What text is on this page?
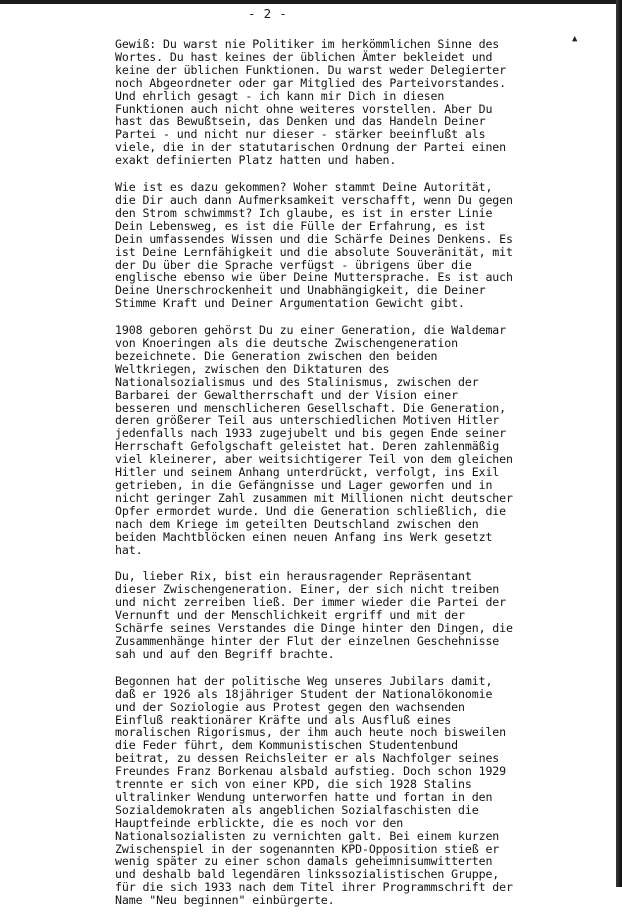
- 2 -
▲
Gewiß: Du warst nie Politiker im herkömmlichen Sinne des
Wortes. Du hast keines der üblichen Ämter bekleidet und
keine der üblichen Funktionen. Du warst weder Delegierter
noch Abgeordneter oder gar Mitglied des Parteivorstandes.
Und ehrlich gesagt - ich kann mir Dich in diesen
Funktionen auch nicht ohne weiteres vorstellen. Aber Du
hast das Bewußtsein, das Denken und das Handeln Deiner
Partei - und nicht nur dieser - stärker beeinflußt als
viele, die in der statutarischen Ordnung der Partei einen
exakt definierten Platz hatten und haben.
Wie ist es dazu gekommen? Woher stammt Deine Autorität,
die Dir auch dann Aufmerksamkeit verschafft, wenn Du gegen
den Strom schwimmst? Ich glaube, es ist in erster Linie
Dein Lebensweg, es ist die Fülle der Erfahrung, es ist
Dein umfassendes Wissen und die Schärfe Deines Denkens. Es
ist Deine Lernfähigkeit und die absolute Souveränität, mit
der Du über die Sprache verfügst - übrigens über die
englische ebenso wie über Deine Muttersprache. Es ist auch
Deine Unerschrockenheit und Unabhängigkeit, die Deiner
Stimme Kraft und Deiner Argumentation Gewicht gibt.
1908 geboren gehörst Du zu einer Generation, die Waldemar
von Knoeringen als die deutsche Zwischengeneration
bezeichnete. Die Generation zwischen den beiden
Weltkriegen, zwischen den Diktaturen des
Nationalsozialismus und des Stalinismus, zwischen der
Barbarei der Gewaltherrschaft und der Vision einer
besseren und menschlicheren Gesellschaft. Die Generation,
deren größerer Teil aus unterschiedlichen Motiven Hitler
jedenfalls nach 1933 zugejubelt und bis gegen Ende seiner
Herrschaft Gefolgschaft geleistet hat. Deren zahlenmäßig
viel kleinerer, aber weitsichtigerer Teil von dem gleichen
Hitler und seinem Anhang unterdrückt, verfolgt, ins Exil
getrieben, in die Gefängnisse und Lager geworfen und in
nicht geringer Zahl zusammen mit Millionen nicht deutscher
Opfer ermordet wurde. Und die Generation schließlich, die
nach dem Kriege im geteilten Deutschland zwischen den
beiden Machtblöcken einen neuen Anfang ins Werk gesetzt
hat.
Du, lieber Rix, bist ein herausragender Repräsentant
dieser Zwischengeneration. Einer, der sich nicht treiben
und nicht zerreiben ließ. Der immer wieder die Partei der
Vernunft und der Menschlichkeit ergriff und mit der
Schärfe seines Verstandes die Dinge hinter den Dingen, die
Zusammenhänge hinter der Flut der einzelnen Geschehnisse
sah und auf den Begriff brachte.
Begonnen hat der politische Weg unseres Jubilars damit,
daß er 1926 als 18jähriger Student der Nationalökonomie
und der Soziologie aus Protest gegen den wachsenden
Einfluß reaktionärer Kräfte und als Ausfluß eines
moralischen Rigorismus, der ihm auch heute noch bisweilen
die Feder führt, dem Kommunistischen Studentenbund
beitrat, zu dessen Reichsleiter er als Nachfolger seines
Freundes Franz Borkenau alsbald aufstieg. Doch schon 1929
trennte er sich von einer KPD, die sich 1928 Stalins
ultralinker Wendung unterworfen hatte und fortan in den
Sozialdemokraten als angeblichen Sozialfaschisten die
Hauptfeinde erblickte, die es noch vor den
Nationalsozialisten zu vernichten galt. Bei einem kurzen
Zwischenspiel in der sogenannten KPD-Opposition stieß er
wenig später zu einer schon damals geheimnisumwitterten
und deshalb bald legendären linkssozialistischen Gruppe,
für die sich 1933 nach dem Titel ihrer Programmschrift der
Name "Neu beginnen" einbürgerte.
